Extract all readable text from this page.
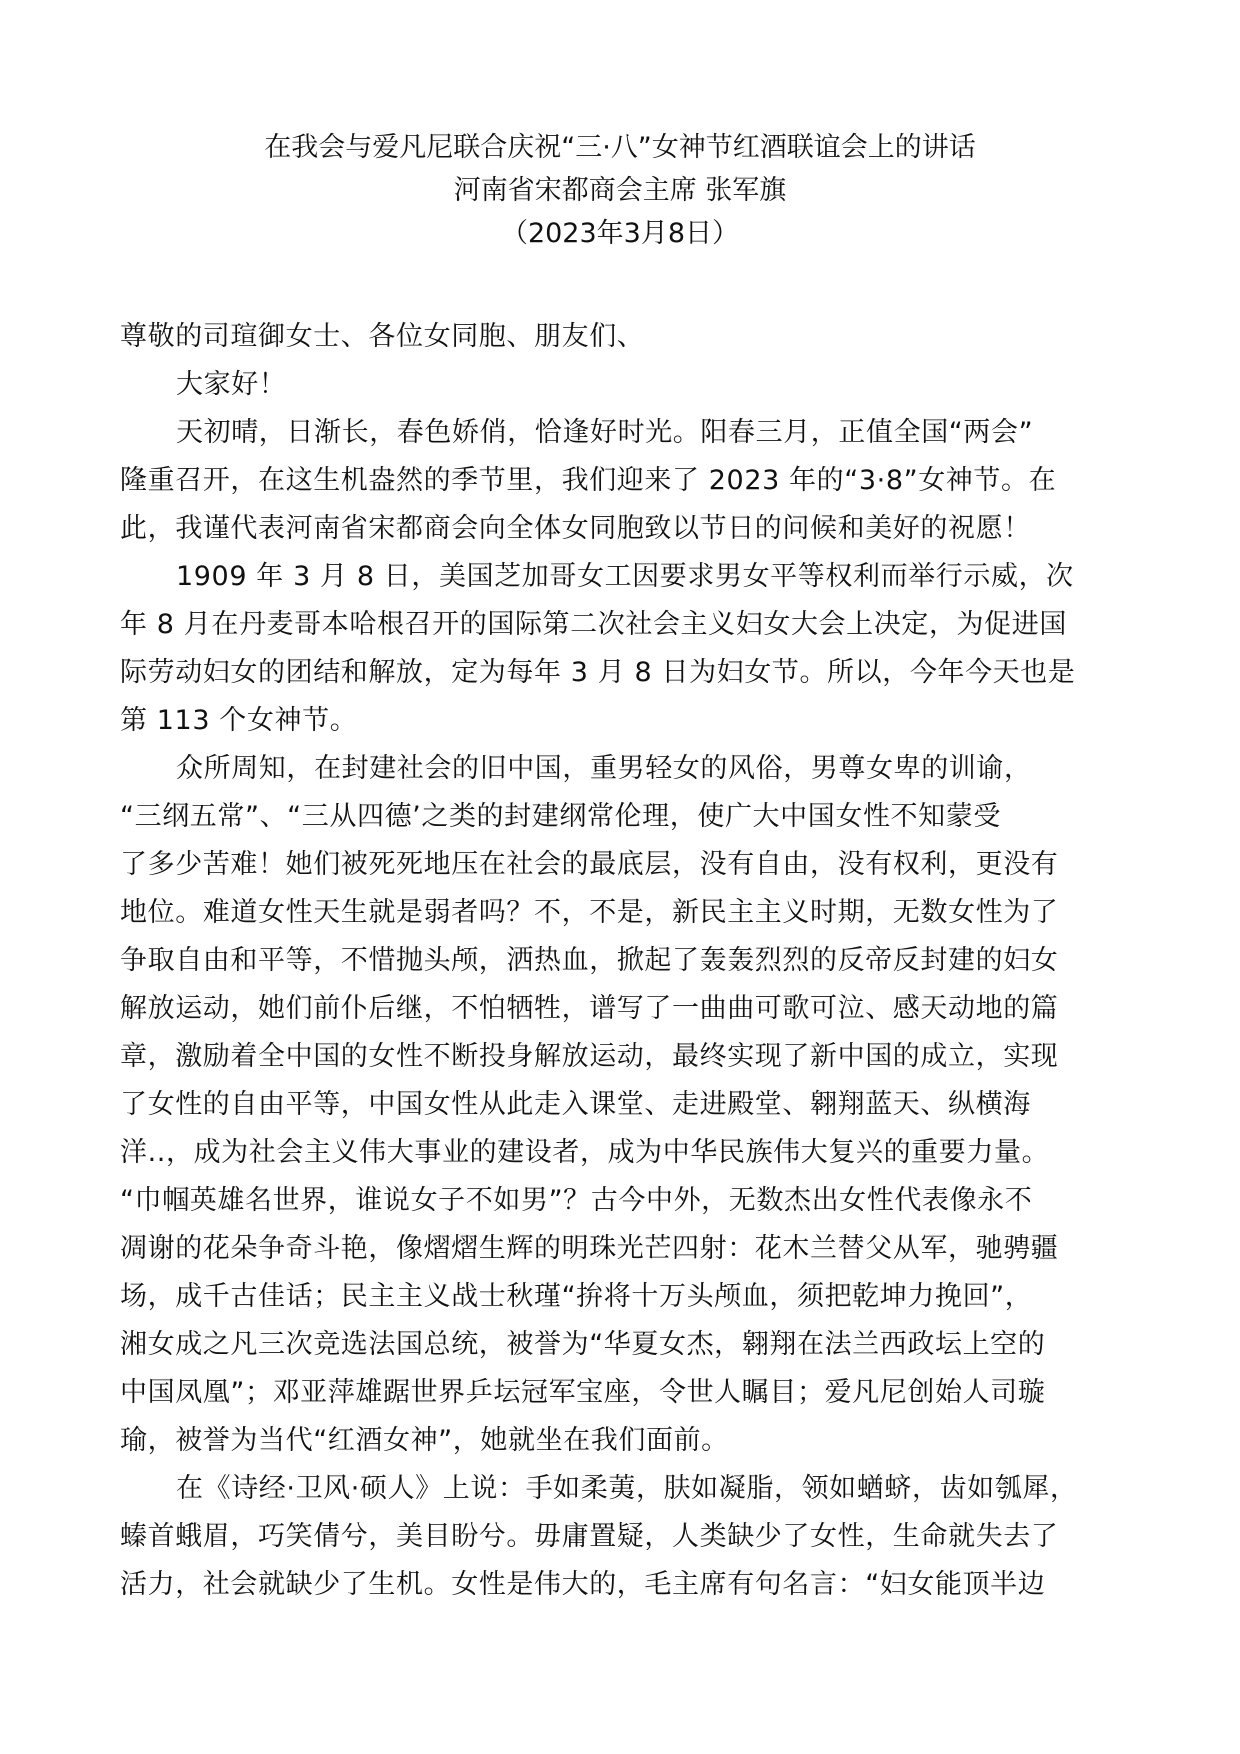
在我会与爱凡尼联合庆祝“三·八”女神节红酒联谊会上的讲话
河南省宋都商会主席 张军旗
（2023年3月8日）
尊敬的司瑄御女士、各位女同胞、朋友们、
大家好！
天初晴，日渐长，春色娇俏，恰逢好时光。阳春三月，正值全国“两会”
隆重召开，在这生机盎然的季节里，我们迎来了 2023 年的“3·8”女神节。在
此，我谨代表河南省宋都商会向全体女同胞致以节日的问候和美好的祝愿！
1909 年 3 月 8 日，美国芝加哥女工因要求男女平等权利而举行示威，次
年 8 月在丹麦哥本哈根召开的国际第二次社会主义妇女大会上决定，为促进国
际劳动妇女的团结和解放，定为每年 3 月 8 日为妇女节。所以，今年今天也是
第 113 个女神节。
众所周知，在封建社会的旧中国，重男轻女的风俗，男尊女卑的训谕，
“三纲五常”、“三从四德’之类的封建纲常伦理，使广大中国女性不知蒙受
了多少苦难！她们被死死地压在社会的最底层，没有自由，没有权利，更没有
地位。难道女性天生就是弱者吗？不，不是，新民主主义时期，无数女性为了
争取自由和平等，不惜抛头颅，洒热血，掀起了轰轰烈烈的反帝反封建的妇女
解放运动，她们前仆后继，不怕牺牲，谱写了一曲曲可歌可泣、感天动地的篇
章，激励着全中国的女性不断投身解放运动，最终实现了新中国的成立，实现
了女性的自由平等，中国女性从此走入课堂、走进殿堂、翱翔蓝天、纵横海
洋..，成为社会主义伟大事业的建设者，成为中华民族伟大复兴的重要力量。
“巾帼英雄名世界，谁说女子不如男”？古今中外，无数杰出女性代表像永不
凋谢的花朵争奇斗艳，像熠熠生辉的明珠光芒四射：花木兰替父从军，驰骋疆
场，成千古佳话；民主主义战士秋瑾“拚将十万头颅血，须把乾坤力挽回”，
湘女成之凡三次竞选法国总统，被誉为“华夏女杰，翱翔在法兰西政坛上空的
中国凤凰”；邓亚萍雄踞世界乒坛冠军宝座，令世人瞩目；爱凡尼创始人司璇
瑜，被誉为当代“红酒女神”，她就坐在我们面前。
在《诗经·卫风·硕人》上说：手如柔荑，肤如凝脂，领如蝤蛴，齿如瓠犀，
螓首蛾眉，巧笑倩兮，美目盼兮。毋庸置疑，人类缺少了女性，生命就失去了
活力，社会就缺少了生机。女性是伟大的，毛主席有句名言：“妇女能顶半边
